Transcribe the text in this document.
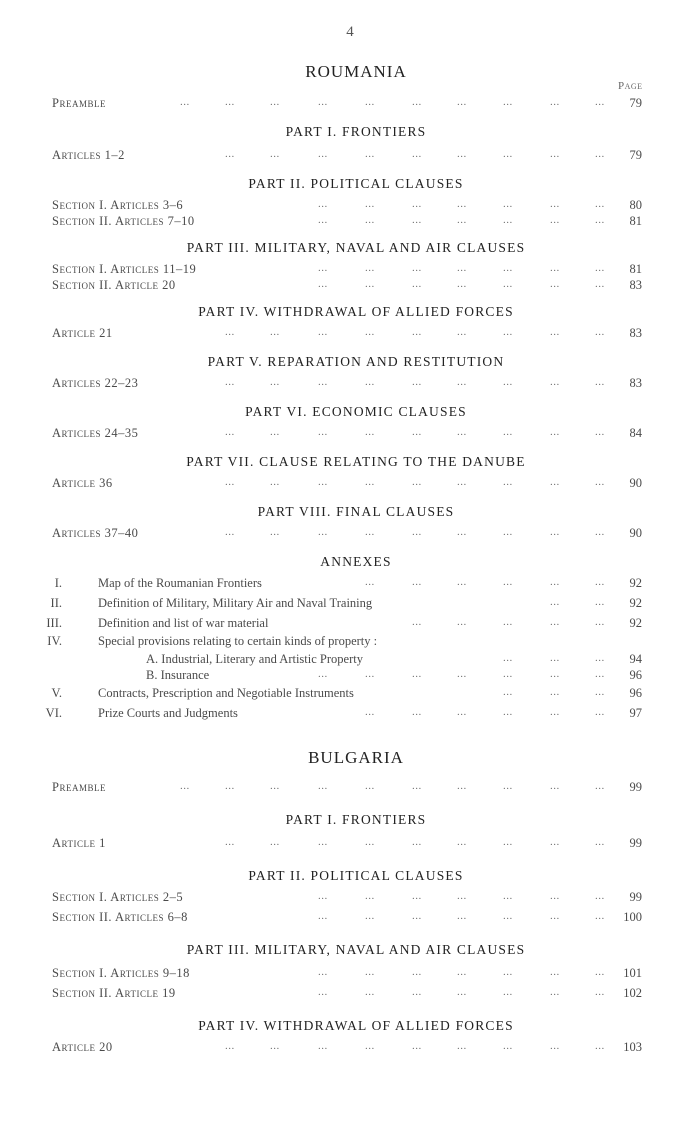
4
Page
ROUMANIA
Preamble	...	...	...	...	...	...	...	...	...	...	79
PART I. FRONTIERS
Articles 1–2	...	...	...	...	...	...	...	...	...	79
PART II. POLITICAL CLAUSES
Section I. Articles 3–6	...	...	...	...	...	...	...	80
Section II. Articles 7–10	...	...	...	...	...	...	...	81
PART III. MILITARY, NAVAL AND AIR CLAUSES
Section I. Articles 11–19	...	...	...	...	...	...	...	81
Section II. Article 20	...	...	...	...	...	...	...	83
PART IV. WITHDRAWAL OF ALLIED FORCES
Article 21	...	...	...	...	...	...	...	...	...	83
PART V. REPARATION AND RESTITUTION
Articles 22–23	...	...	...	...	...	...	...	...	...	83
PART VI. ECONOMIC CLAUSES
Articles 24–35	...	...	...	...	...	...	...	...	...	84
PART VII. CLAUSE RELATING TO THE DANUBE
Article 36	...	...	...	...	...	...	...	...	...	90
PART VIII. FINAL CLAUSES
Articles 37–40	...	...	...	...	...	...	...	...	...	90
ANNEXES
I.	Map of the Roumanian Frontiers	...	...	...	...	...	...	92
II.	Definition of Military, Military Air and Naval Training	...	...	92
III.	Definition and list of war material	...	...	...	...	...	92
IV.	Special provisions relating to certain kinds of property :
A. Industrial, Literary and Artistic Property	...	...	...	94
B. Insurance	...	...	...	...	...	...	...	96
V.	Contracts, Prescription and Negotiable Instruments	...	...	...	96
VI.	Prize Courts and Judgments	...	...	...	...	...	...	97
BULGARIA
Preamble	...	...	...	...	...	...	...	...	...	...	99
PART I. FRONTIERS
Article 1	...	...	...	...	...	...	...	...	...	99
PART II. POLITICAL CLAUSES
Section I. Articles 2–5	...	...	...	...	...	...	...	99
Section II. Articles 6–8	...	...	...	...	...	...	...	100
PART III. MILITARY, NAVAL AND AIR CLAUSES
Section I. Articles 9–18	...	...	...	...	...	...	...	101
Section II. Article 19	...	...	...	...	...	...	...	102
PART IV. WITHDRAWAL OF ALLIED FORCES
Article 20	...	...	...	...	...	...	...	...	...	103
